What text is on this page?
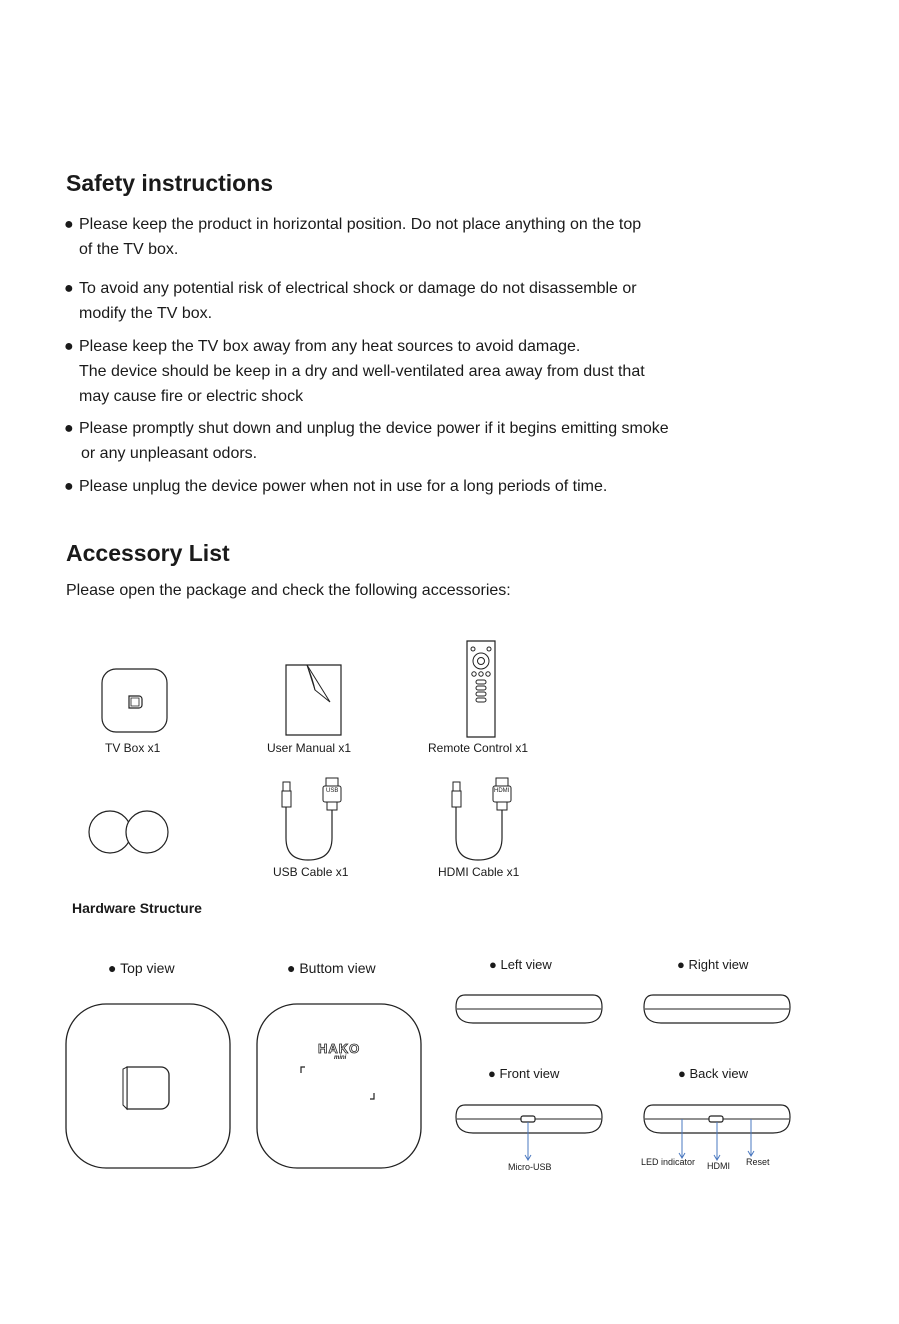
Safety instructions
● Please keep the product in horizontal position. Do not place anything on the top
of the TV box.
● To avoid any potential risk of electrical shock or damage do not disassemble or
modify the TV box.
● Please keep the TV box away from any heat sources to avoid damage.
The device should be keep in a dry and well-ventilated area away from dust that
may cause fire or electric shock
● Please promptly shut down and unplug the device power if it begins emitting smoke
or any unpleasant odors.
● Please unplug the device power when not in use for a long periods of time.
Accessory List
Please open the package and check the following accessories:
TV Box x1	User Manual x1	Remote Control x1
USB
USB Cable x1
HDMI
HDMI Cable x1
Hardware Structure
● Top view	● Buttom view	● Left view	● Right view
● Front view	● Back view
HAKO
mini
Micro-USB	LED indicator HDMI Reset
